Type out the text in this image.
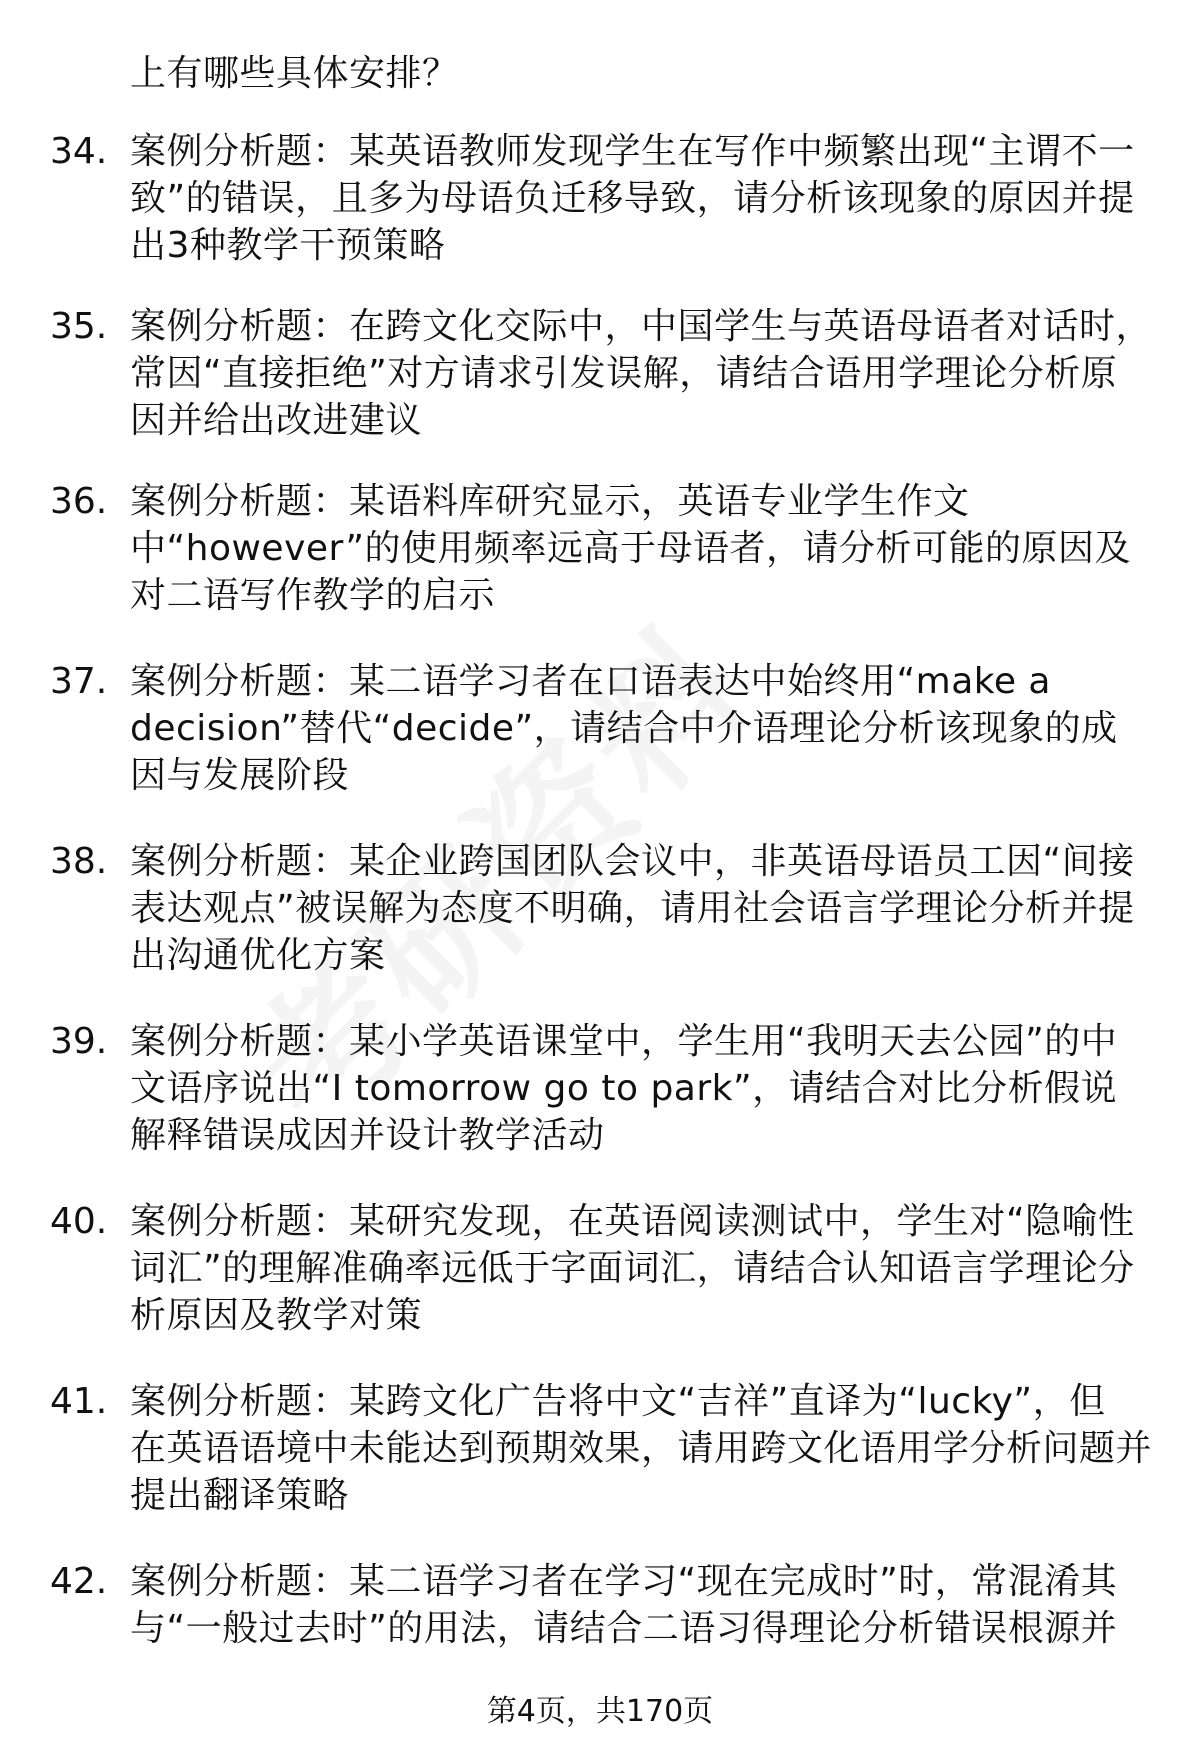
上有哪些具体安排？
34. 案例分析题：某英语教师发现学生在写作中频繁出现“主谓不一
致”的错误，且多为母语负迁移导致，请分析该现象的原因并提
出3种教学干预策略
35. 案例分析题：在跨文化交际中，中国学生与英语母语者对话时，
常因“直接拒绝”对方请求引发误解，请结合语用学理论分析原
因并给出改进建议
36. 案例分析题：某语料库研究显示，英语专业学生作文
中“however”的使用频率远高于母语者，请分析可能的原因及
对二语写作教学的启示
37. 案例分析题：某二语学习者在口语表达中始终用“make a
decision”替代“decide”，请结合中介语理论分析该现象的成
因与发展阶段
38. 案例分析题：某企业跨国团队会议中，非英语母语员工因“间接
表达观点”被误解为态度不明确，请用社会语言学理论分析并提
出沟通优化方案
39. 案例分析题：某小学英语课堂中，学生用“我明天去公园”的中
文语序说出“I tomorrow go to park”，请结合对比分析假说
解释错误成因并设计教学活动
40. 案例分析题：某研究发现，在英语阅读测试中，学生对“隐喻性
词汇”的理解准确率远低于字面词汇，请结合认知语言学理论分
析原因及教学对策
41. 案例分析题：某跨文化广告将中文“吉祥”直译为“lucky”，但
在英语语境中未能达到预期效果，请用跨文化语用学分析问题并
提出翻译策略
42. 案例分析题：某二语学习者在学习“现在完成时”时，常混淆其
与“一般过去时”的用法，请结合二语习得理论分析错误根源并
第4页，共170页
